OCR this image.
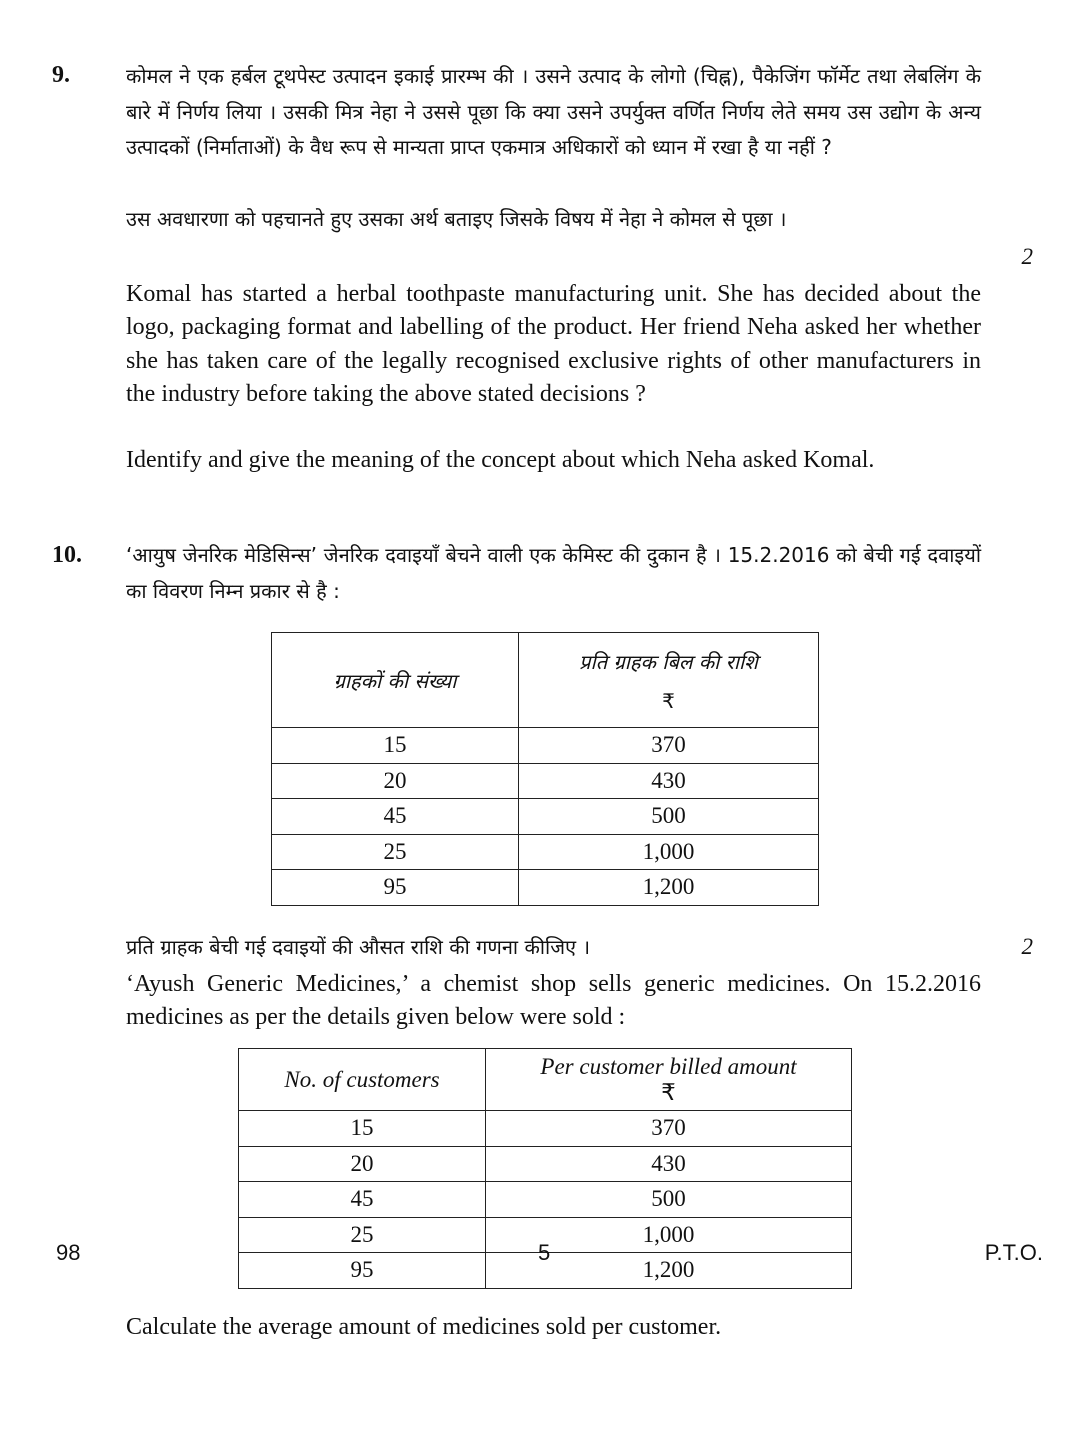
9.	कोमल ने एक हर्बल टूथपेस्ट उत्पादन इकाई प्रारम्भ की । उसने उत्पाद के लोगो (चिह्न), पैकेजिंग फॉर्मेट तथा लेबलिंग के बारे में निर्णय लिया । उसकी मित्र नेहा ने उससे पूछा कि क्या उसने उपर्युक्त वर्णित निर्णय लेते समय उस उद्योग के अन्य उत्पादकों (निर्माताओं) के वैध रूप से मान्यता प्राप्त एकमात्र अधिकारों को ध्यान में रखा है या नहीं ?

उस अवधारणा को पहचानते हुए उसका अर्थ बताइए जिसके विषय में नेहा ने कोमल से पूछा ।

2

Komal has started a herbal toothpaste manufacturing unit. She has decided about the logo, packaging format and labelling of the product. Her friend Neha asked her whether she has taken care of the legally recognised exclusive rights of other manufacturers in the industry before taking the above stated decisions ?

Identify and give the meaning of the concept about which Neha asked Komal.

10. ‘आयुष जेनरिक मेडिसिन्स’ जेनरिक दवाइयाँ बेचने वाली एक केमिस्ट की दुकान है । 15.2.2016 को बेची गई दवाइयों का विवरण निम्न प्रकार से है :

ग्राहकों की संख्या	प्रति ग्राहक बिल की राशि
₹

15	370
20	430
45	500
25	1,000
95	1,200
प्रति ग्राहक बेची गई दवाइयों की औसत राशि की गणना कीजिए ।	2

‘Ayush Generic Medicines,’ a chemist shop sells generic medicines. On 15.2.2016 medicines as per the details given below were sold :

No. of customers	Per customer billed amount
₹

15	370
20	430
45	500
25	1,000
95	1,200

Calculate the average amount of medicines sold per customer.

98	5	P.T.O.
